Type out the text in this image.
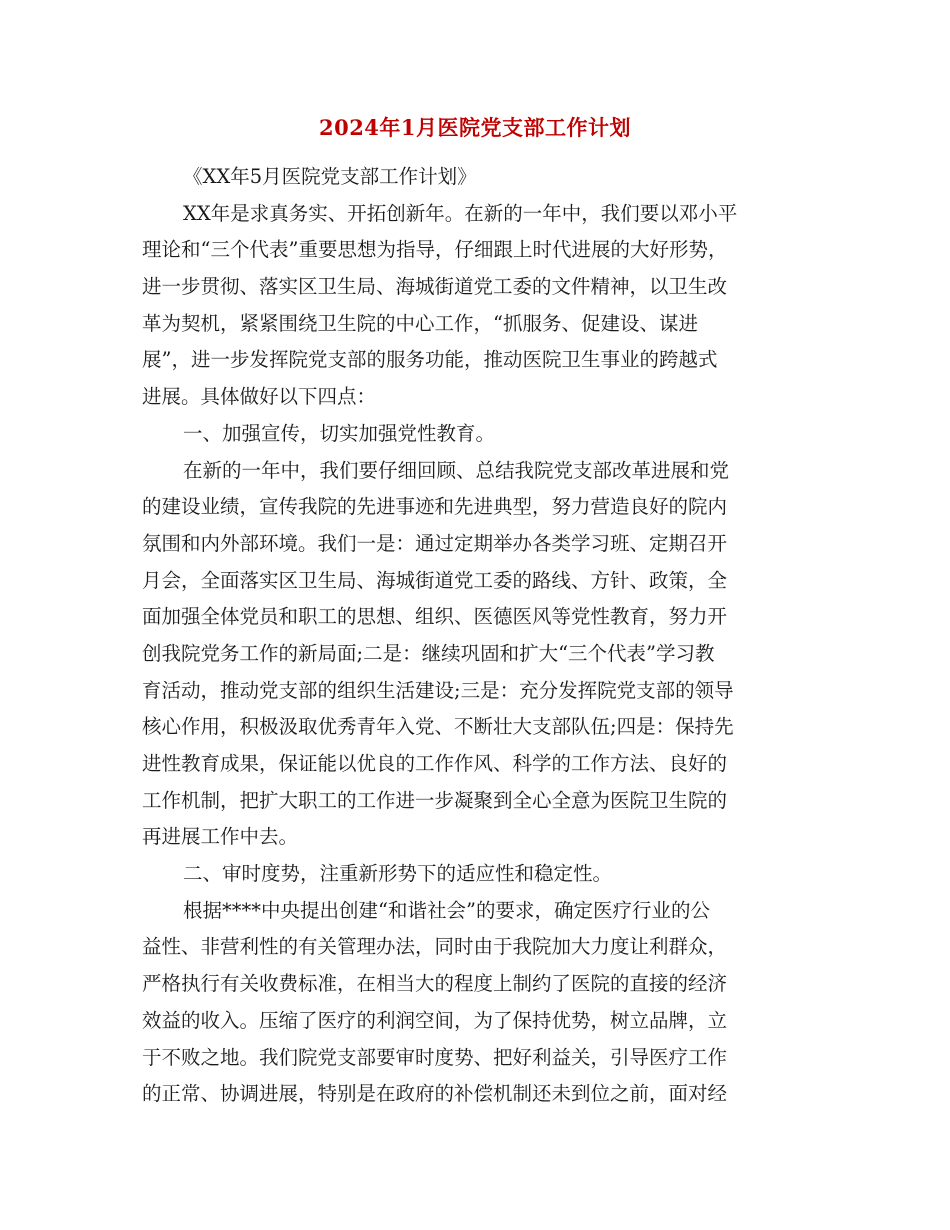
2024年1月医院党支部工作计划
《XX年5月医院党支部工作计划》
XX年是求真务实、开拓创新年。在新的一年中，我们要以邓小平
理论和“三个代表”重要思想为指导，仔细跟上时代进展的大好形势，
进一步贯彻、落实区卫生局、海城街道党工委的文件精神，以卫生改
革为契机，紧紧围绕卫生院的中心工作，“抓服务、促建设、谋进
展”，进一步发挥院党支部的服务功能，推动医院卫生事业的跨越式
进展。具体做好以下四点：
一、加强宣传，切实加强党性教育。
在新的一年中，我们要仔细回顾、总结我院党支部改革进展和党
的建设业绩，宣传我院的先进事迹和先进典型，努力营造良好的院内
氛围和内外部环境。我们一是：通过定期举办各类学习班、定期召开
月会，全面落实区卫生局、海城街道党工委的路线、方针、政策，全
面加强全体党员和职工的思想、组织、医德医风等党性教育，努力开
创我院党务工作的新局面;二是：继续巩固和扩大“三个代表”学习教
育活动，推动党支部的组织生活建设;三是：充分发挥院党支部的领导
核心作用，积极汲取优秀青年入党、不断壮大支部队伍;四是：保持先
进性教育成果，保证能以优良的工作作风、科学的工作方法、良好的
工作机制，把扩大职工的工作进一步凝聚到全心全意为医院卫生院的
再进展工作中去。
二、审时度势，注重新形势下的适应性和稳定性。
根据****中央提出创建“和谐社会”的要求，确定医疗行业的公
益性、非营利性的有关管理办法，同时由于我院加大力度让利群众，
严格执行有关收费标准，在相当大的程度上制约了医院的直接的经济
效益的收入。压缩了医疗的利润空间，为了保持优势，树立品牌，立
于不败之地。我们院党支部要审时度势、把好利益关，引导医疗工作
的正常、协调进展，特别是在政府的补偿机制还未到位之前，面对经
